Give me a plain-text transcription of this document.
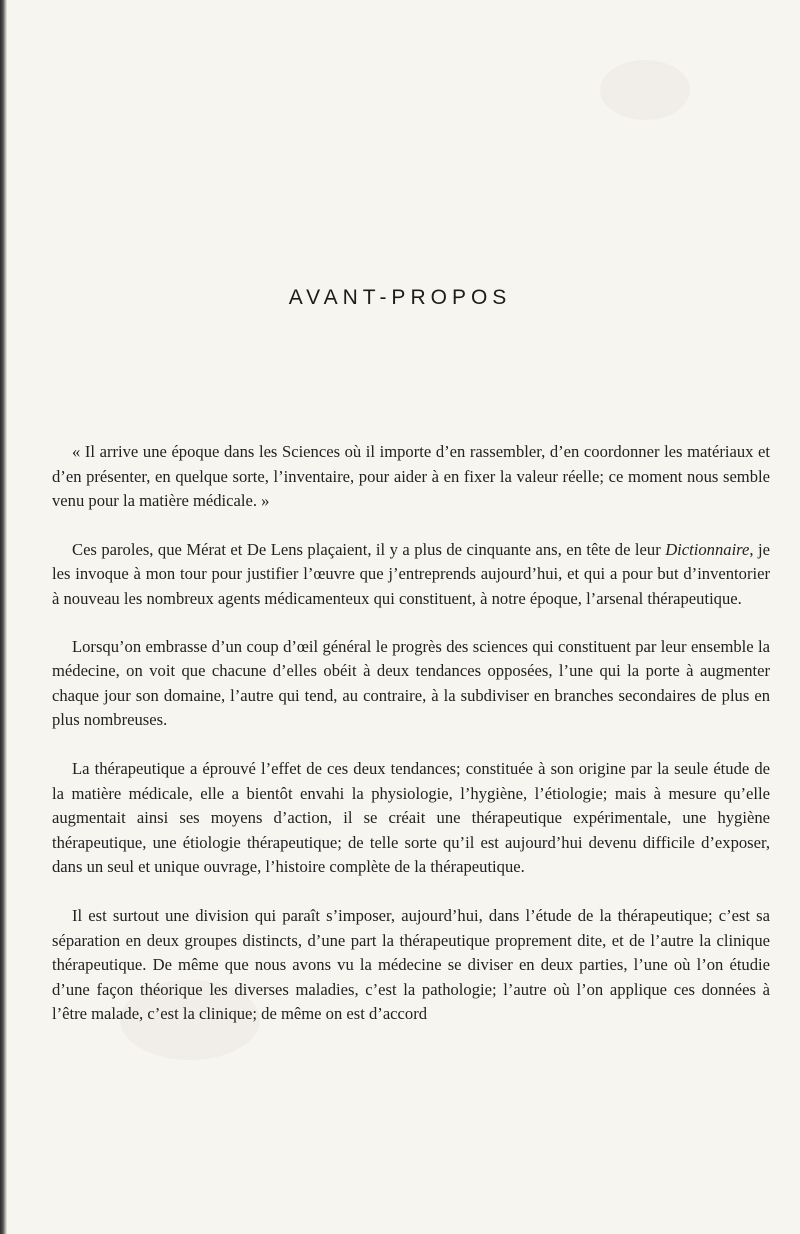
AVANT-PROPOS

« Il arrive une époque dans les Sciences où il importe d’en rassembler, d’en coordonner les matériaux et d’en présenter, en quelque sorte, l’inventaire, pour aider à en fixer la valeur réelle; ce moment nous semble venu pour la matière médicale. »

Ces paroles, que Mérat et De Lens plaçaient, il y a plus de cinquante ans, en tête de leur Dictionnaire, je les invoque à mon tour pour justifier l’œuvre que j’entreprends aujourd’hui, et qui a pour but d’inventorier à nouveau les nombreux agents médicamenteux qui constituent, à notre époque, l’arsenal thérapeutique.

Lorsqu’on embrasse d’un coup d’œil général le progrès des sciences qui constituent par leur ensemble la médecine, on voit que chacune d’elles obéit à deux tendances opposées, l’une qui la porte à augmenter chaque jour son domaine, l’autre qui tend, au contraire, à la subdiviser en branches secondaires de plus en plus nombreuses.

La thérapeutique a éprouvé l’effet de ces deux tendances; constituée à son origine par la seule étude de la matière médicale, elle a bientôt envahi la physiologie, l’hygiène, l’étiologie; mais à mesure qu’elle augmentait ainsi ses moyens d’action, il se créait une thérapeutique expérimentale, une hygiène thérapeutique, une étiologie thérapeutique; de telle sorte qu’il est aujourd’hui devenu difficile d’exposer, dans un seul et unique ouvrage, l’histoire complète de la thérapeutique.

Il est surtout une division qui paraît s’imposer, aujourd’hui, dans l’étude de la thérapeutique; c’est sa séparation en deux groupes distincts, d’une part la thérapeutique proprement dite, et de l’autre la clinique thérapeutique. De même que nous avons vu la médecine se diviser en deux parties, l’une où l’on étudie d’une façon théorique les diverses maladies, c’est la pathologie; l’autre où l’on applique ces données à l’être malade, c’est la clinique; de même on est d’accord
